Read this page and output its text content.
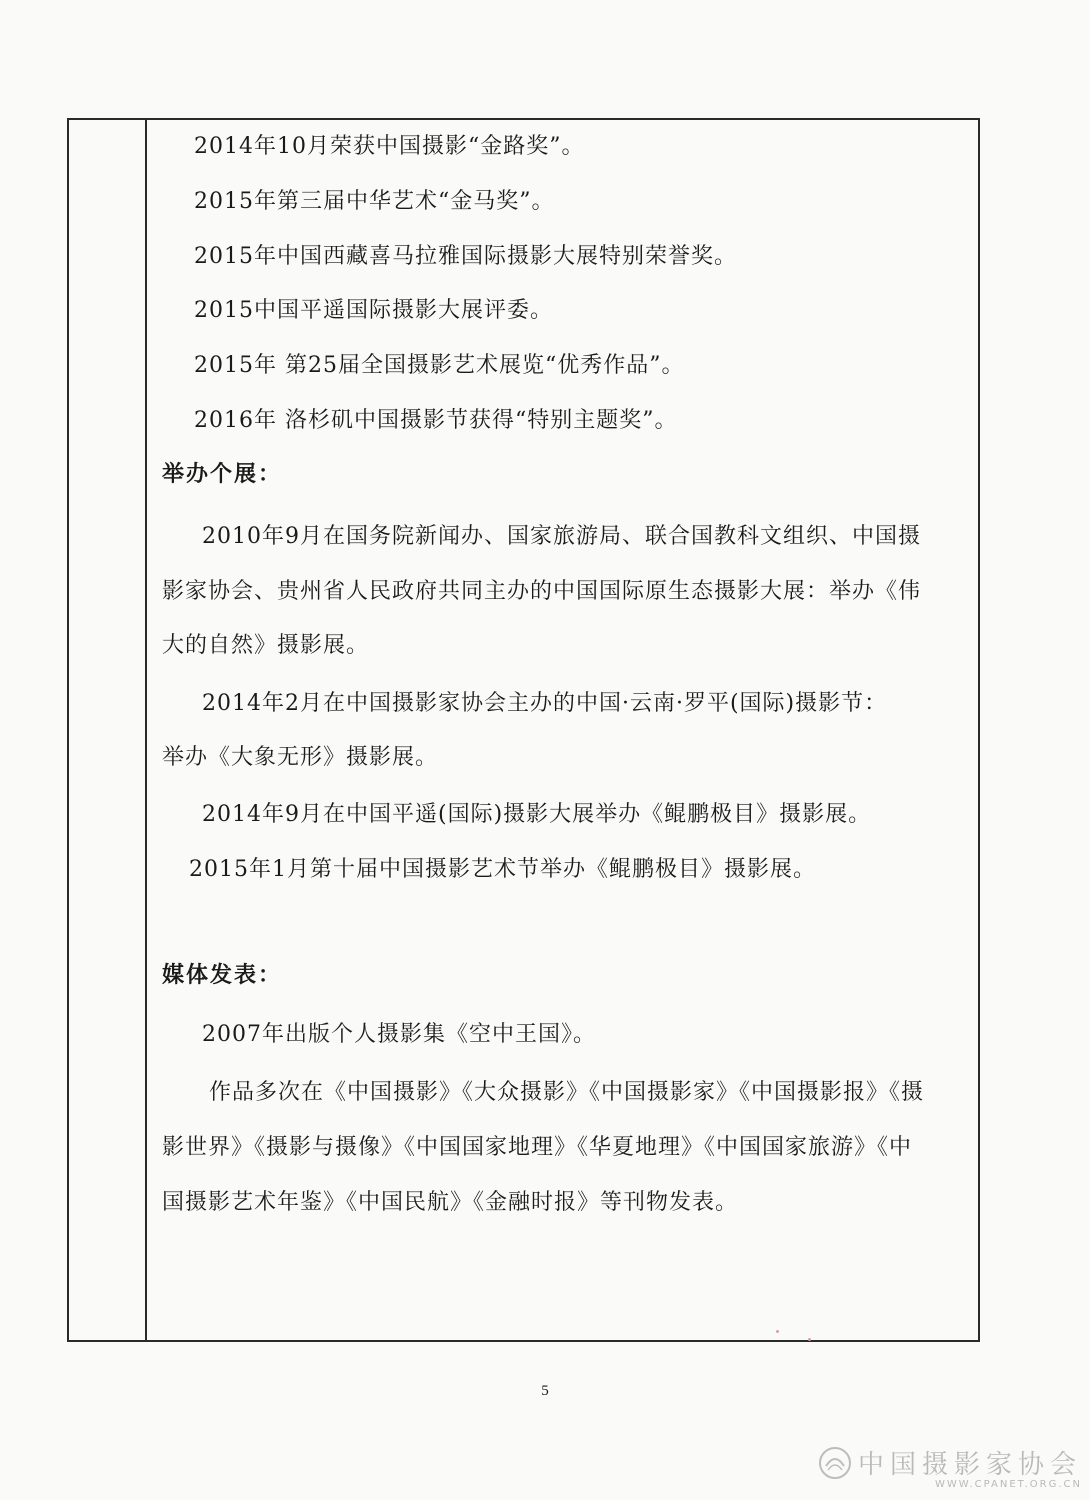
2014年10月荣获中国摄影“金路奖”。
2015年第三届中华艺术“金马奖”。
2015年中国西藏喜马拉雅国际摄影大展特别荣誉奖。
2015中国平遥国际摄影大展评委。
2015年 第25届全国摄影艺术展览“优秀作品”。
2016年 洛杉矶中国摄影节获得“特别主题奖”。
举办个展：
2010年9月在国务院新闻办、国家旅游局、联合国教科文组织、中国摄
影家协会、贵州省人民政府共同主办的中国国际原生态摄影大展：举办《伟
大的自然》摄影展。
2014年2月在中国摄影家协会主办的中国·云南·罗平(国际)摄影节：
举办《大象无形》摄影展。
2014年9月在中国平遥(国际)摄影大展举办《鲲鹏极目》摄影展。
2015年1月第十届中国摄影艺术节举办《鲲鹏极目》摄影展。
媒体发表：
2007年出版个人摄影集《空中王国》。
作品多次在《中国摄影》《大众摄影》《中国摄影家》《中国摄影报》《摄
影世界》《摄影与摄像》《中国国家地理》《华夏地理》《中国国家旅游》《中
国摄影艺术年鉴》《中国民航》《金融时报》等刊物发表。
5
中国摄影家协会
WWW.CPANET.ORG.CN
